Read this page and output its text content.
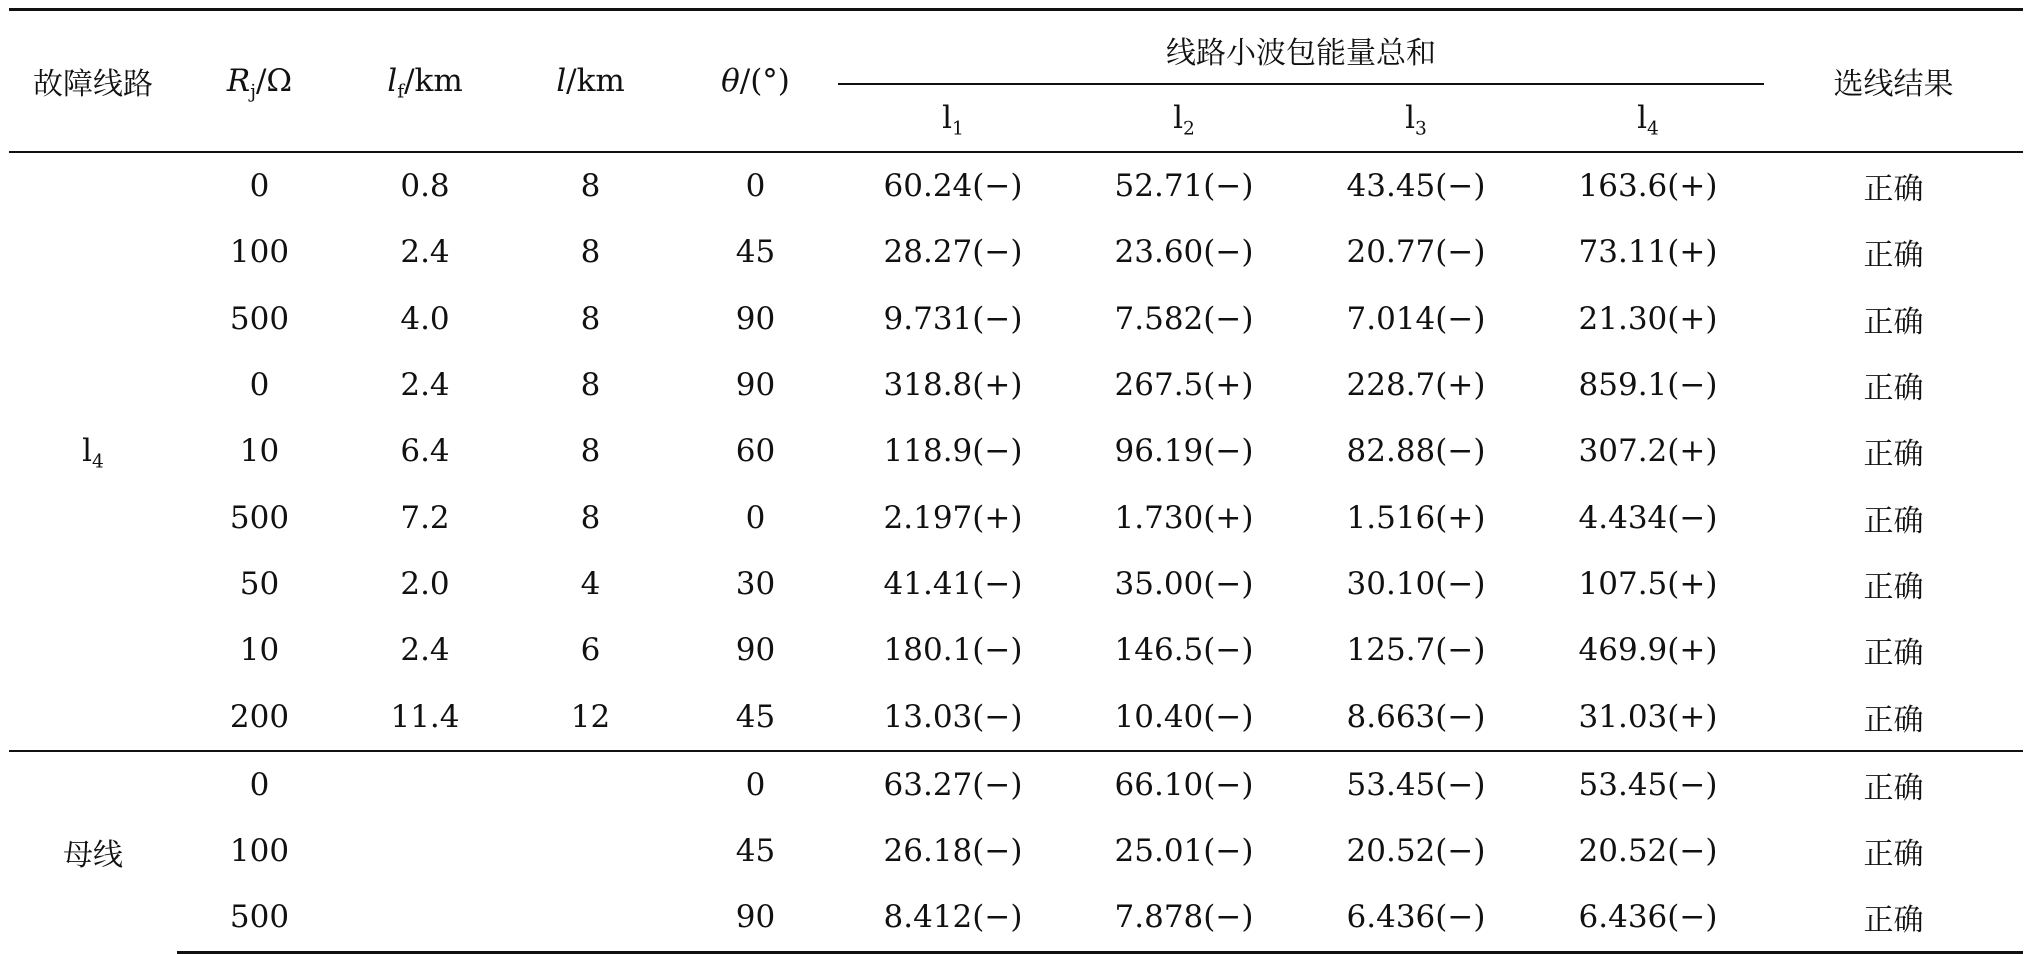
故障线路	$R_j/\Omega$	$l_f/km$	l/km	θ/(°)	线路小波包能量总和				选线结果
					$l_1$	$l_2$	$l_3$	$l_4$
$l_4$	0	0.8	8	0	60.24(−)	52.71(−)	43.45(−)	163.6(+)	正确
	100	2.4	8	45	28.27(−)	23.60(−)	20.77(−)	73.11(+)	正确
	500	4.0	8	90	9.731(−)	7.582(−)	7.014(−)	21.30(+)	正确
	0	2.4	8	90	318.8(+)	267.5(+)	228.7(+)	859.1(−)	正确
	10	6.4	8	60	118.9(−)	96.19(−)	82.88(−)	307.2(+)	正确
	500	7.2	8	0	2.197(+)	1.730(+)	1.516(+)	4.434(−)	正确
	50	2.0	4	30	41.41(−)	35.00(−)	30.10(−)	107.5(+)	正确
	10	2.4	6	90	180.1(−)	146.5(−)	125.7(−)	469.9(+)	正确
	200	11.4	12	45	13.03(−)	10.40(−)	8.663(−)	31.03(+)	正确
母线	0			0	63.27(−)	66.10(−)	53.45(−)	53.45(−)	正确
	100			45	26.18(−)	25.01(−)	20.52(−)	20.52(−)	正确
	500			90	8.412(−)	7.878(−)	6.436(−)	6.436(−)	正确
